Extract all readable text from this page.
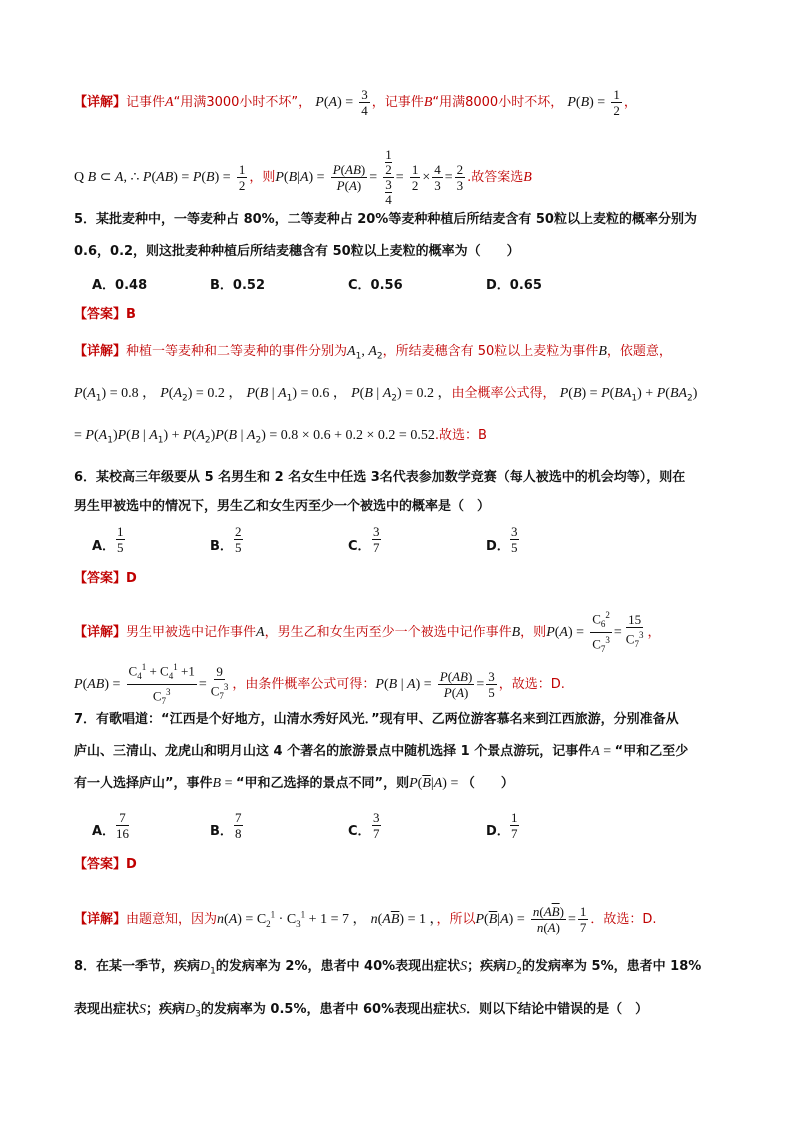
【详解】记事件A“用满3000小时不坏”， $P(A) = \frac{3}{4}$ ，记事件B“用满8000小时不坏， $P(B) = \frac{1}{2}$ ，
Q B ⊂ A, ∴ $P(AB) = P(B) = \frac{1}{2}$ ，则$P(B|A) = \frac{P(AB)}{P(A)} = 1$
2
3
$4 = \frac{1}{2} \times \frac{4}{3} = \frac{2}{3}$ .故答案选B
5．某批麦种中，一等麦种占 80%，二等麦种占 20%等麦种种植后所结麦含有 50粒以上麦粒的概率分别为
0.6，0.2，则这批麦种种植后所结麦穗含有 50粒以上麦粒的概率为（　　）
A．0.48	B．0.52	C．0.56	D．0.65
【答案】B
【详解】种植一等麦种和二等麦种的事件分别为$A_1$, $A_2$，所结麦穗含有 50粒以上麦粒为事件B，依题意，
$P(A_1) = 0.8$ ， $P(A_2) = 0.2$ ， P(B | $A_1) = 0.6$ ， P(B | $A_2) = 0.2$ ，由全概率公式得， $P(B) = P(BA_1) + P(BA_2)$
= $P(A_1)P(B$ | $A_1) + P(A_2)P(B$ | $A_2) = 0.8 \times 0.6 + 0.2 \times 0.2 = 0.52$.故选：B
6．某校高三年级要从 5 名男生和 2 名女生中任选 3名代表参加数学竞赛（每人被选中的机会均等），则在
男生甲被选中的情况下，男生乙和女生丙至少一个被选中的概率是（　）
A． $\frac{1}{5}$	B． $\frac{2}{5}$	C． $\frac{3}{7}$	D． $\frac{3}{5}$
【答案】D
【详解】男生甲被选中记作事件A，男生乙和女生丙至少一个被选中记作事件B，则$P(A) = \frac{C_6^2}{C_7^3} = \frac{15}{C_7^3}$ ，
$P(AB) = \frac{C_4^1 + C_4^1 +1}{C_7^3} = \frac{9}{C_7^3}$ ，由条件概率公式可得：P(B | $A) = \frac{P(AB)}{P(A)} = \frac{3}{5}$ ，故选：D.
7．有歌唱道：“江西是个好地方，山清水秀好风光．”现有甲、乙两位游客慕名来到江西旅游，分别准备从
庐山、三清山、龙虎山和明月山这 4 个著名的旅游景点中随机选择 1 个景点游玩，记事件A = “甲和乙至少
有一人选择庐山”，事件B = “甲和乙选择的景点不同”，则$P(\overline{B}|A)$ = （　　）
A． $\frac{7}{16}$	B． $\frac{7}{8}$	C． $\frac{3}{7}$	D． $\frac{1}{7}$
【答案】D
【详解】由题意知，因为$n(A) = C_2^1 \cdot C_3^1 + 1 = 7$ ， $n(A\overline{B}) = 1$ ，，所以$P(\overline{B}|A) = \frac{n(A\overline{B})}{n(A)} = \frac{1}{7}$ ．故选：D.
8．在某一季节，疾病$D_1$的发病率为 2%，患者中 40%表现出症状S；疾病$D_2$的发病率为 5%，患者中 18%
表现出症状S；疾病$D_3$的发病率为 0.5%，患者中 60%表现出症状S．则以下结论中错误的是（　）
